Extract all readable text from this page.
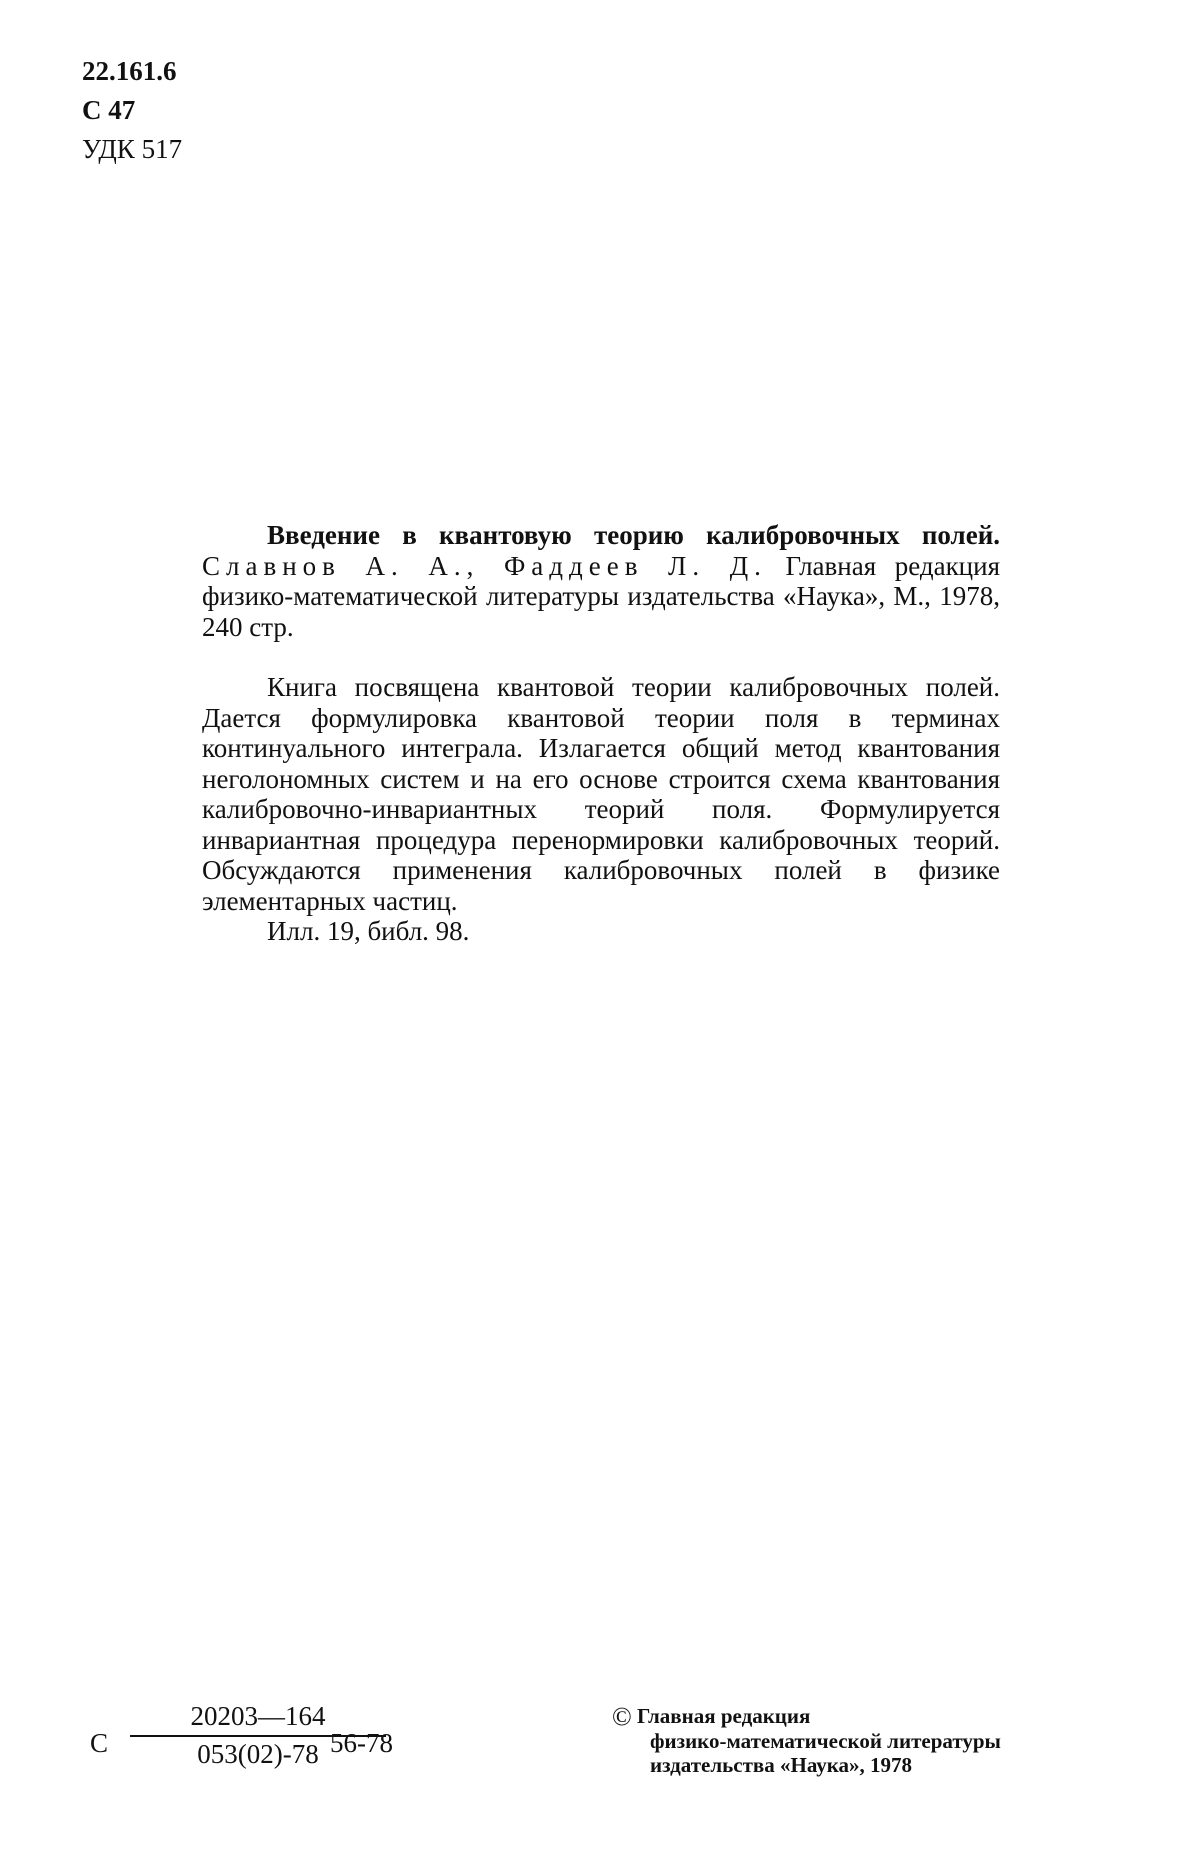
22.161.6
С 47
УДК 517

Введение в квантовую теорию калибровочных полей. Славнов А. А., Фаддеев Л. Д. Главная редакция физико-математической литературы издательства «Наука», М., 1978, 240 стр.

Книга посвящена квантовой теории калибровочных полей. Дается формулировка квантовой теории поля в терминах континуального интеграла. Излагается общий метод квантования неголономных систем и на его основе строится схема квантования калибровочно-инвариантных теорий поля. Формулируется инвариантная процедура перенормировки калибровочных теорий. Обсуждаются применения калибровочных полей в физике элементарных частиц.

Илл. 19, библ. 98.

С $\frac{20203—164}{053(02)-78}$
56-78
© Главная редакция
физико-математической литературы
издательства «Наука», 1978
